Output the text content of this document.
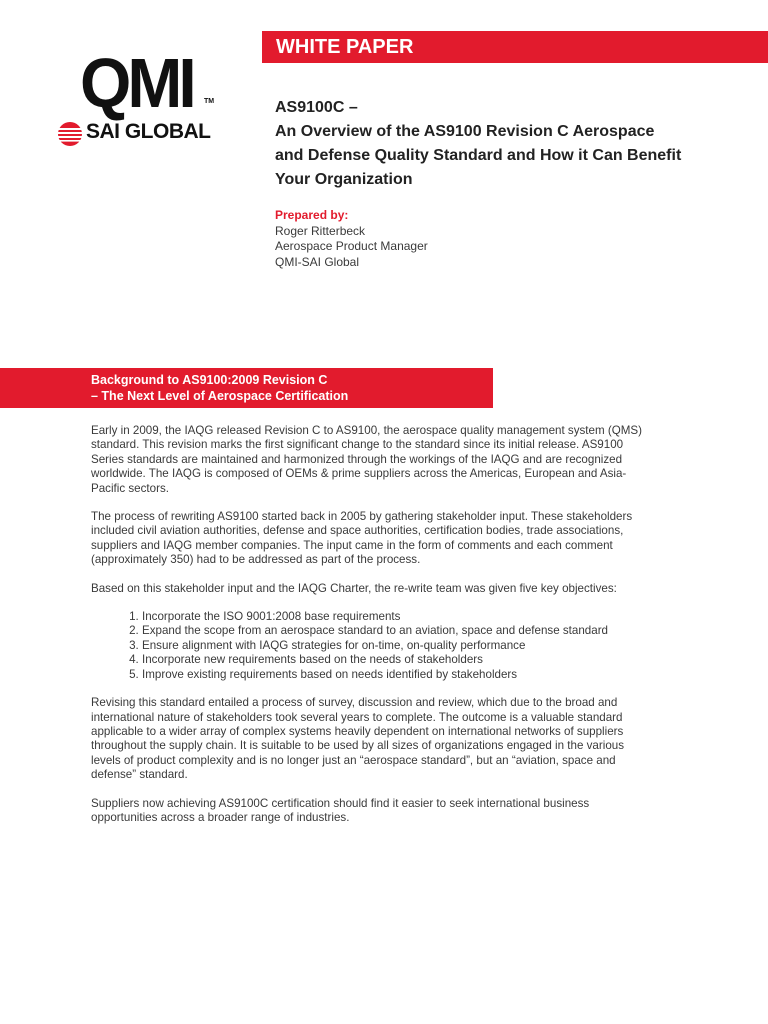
QMI TM
SAI GLOBAL
WHITE PAPER
AS9100C –
An Overview of the AS9100 Revision C Aerospace
and Defense Quality Standard and How it Can Benefit
Your Organization
Prepared by:
Roger Ritterbeck
Aerospace Product Manager
QMI-SAI Global
Background to AS9100:2009 Revision C
– The Next Level of Aerospace Certification

Early in 2009, the IAQG released Revision C to AS9100, the aerospace quality management system (QMS)
standard. This revision marks the first significant change to the standard since its initial release. AS9100
Series standards are maintained and harmonized through the workings of the IAQG and are recognized
worldwide. The IAQG is composed of OEMs & prime suppliers across the Americas, European and Asia-
Pacific sectors.

The process of rewriting AS9100 started back in 2005 by gathering stakeholder input. These stakeholders
included civil aviation authorities, defense and space authorities, certification bodies, trade associations,
suppliers and IAQG member companies. The input came in the form of comments and each comment
(approximately 350) had to be addressed as part of the process.

Based on this stakeholder input and the IAQG Charter, the re-write team was given five key objectives:

1. Incorporate the ISO 9001:2008 base requirements
2. Expand the scope from an aerospace standard to an aviation, space and defense standard
3. Ensure alignment with IAQG strategies for on-time, on-quality performance
4. Incorporate new requirements based on the needs of stakeholders
5. Improve existing requirements based on needs identified by stakeholders

Revising this standard entailed a process of survey, discussion and review, which due to the broad and
international nature of stakeholders took several years to complete. The outcome is a valuable standard
applicable to a wider array of complex systems heavily dependent on international networks of suppliers
throughout the supply chain. It is suitable to be used by all sizes of organizations engaged in the various
levels of product complexity and is no longer just an “aerospace standard”, but an “aviation, space and
defense” standard.

Suppliers now achieving AS9100C certification should find it easier to seek international business
opportunities across a broader range of industries.
